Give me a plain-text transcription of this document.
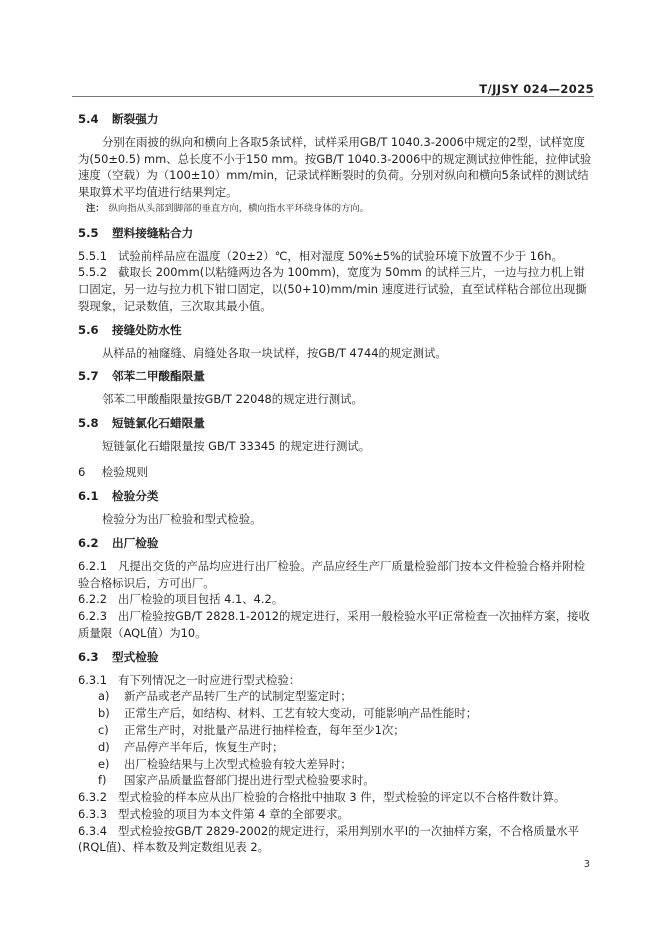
T/JJSY 024—2025
5.4 断裂强力

分别在雨披的纵向和横向上各取5条试样，试样采用GB/T 1040.3-2006中规定的2型，试样宽度为(50±0.5) mm、总长度不小于150 mm。按GB/T 1040.3-2006中的规定测试拉伸性能，拉伸试验速度（空载）为（100±10）mm/min，记录试样断裂时的负荷。分别对纵向和横向5条试样的测试结果取算术平均值进行结果判定。

注： 纵向指从头部到脚部的垂直方向，横向指水平环绕身体的方向。

5.5 塑料接缝粘合力

5.5.1 试验前样品应在温度（20±2）℃，相对湿度 50%±5%的试验环境下放置不少于 16h。

5.5.2 截取长 200mm(以粘缝两边各为 100mm)，宽度为 50mm 的试样三片，一边与拉力机上钳口固定，另一边与拉力机下钳口固定，以(50+10)mm/min 速度进行试验，直至试样粘合部位出现撕裂现象，记录数值，三次取其最小值。

5.6 接缝处防水性

从样品的袖窿缝、肩缝处各取一块试样，按GB/T 4744的规定测试。

5.7 邻苯二甲酸酯限量

邻苯二甲酸酯限量按GB/T 22048的规定进行测试。

5.8 短链氯化石蜡限量

短链氯化石蜡限量按 GB/T 33345 的规定进行测试。

6 检验规则
6.1 检验分类

检验分为出厂检验和型式检验。

6.2 出厂检验

6.2.1 凡提出交货的产品均应进行出厂检验。产品应经生产厂质量检验部门按本文件检验合格并附检验合格标识后，方可出厂。

6.2.2 出厂检验的项目包括 4.1、4.2。

6.2.3 出厂检验按GB/T 2828.1-2012的规定进行，采用一般检验水平Ⅰ正常检查一次抽样方案，接收质量限（AQL值）为10。

6.3 型式检验

6.3.1 有下列情况之一时应进行型式检验：

a)	新产品或老产品转厂生产的试制定型鉴定时；
b)	正常生产后，如结构、材料、工艺有较大变动，可能影响产品性能时；
c)	正常生产时，对批量产品进行抽样检查，每年至少1次；
d)	产品停产半年后，恢复生产时；
e)	出厂检验结果与上次型式检验有较大差异时；
f)	国家产品质量监督部门提出进行型式检验要求时。

6.3.2 型式检验的样本应从出厂检验的合格批中抽取 3 件，型式检验的评定以不合格件数计算。

6.3.3 型式检验的项目为本文件第 4 章的全部要求。

6.3.4 型式检验按GB/T 2829-2002的规定进行，采用判别水平Ⅰ的一次抽样方案，不合格质量水平(RQL值)、样本数及判定数组见表 2。

3
